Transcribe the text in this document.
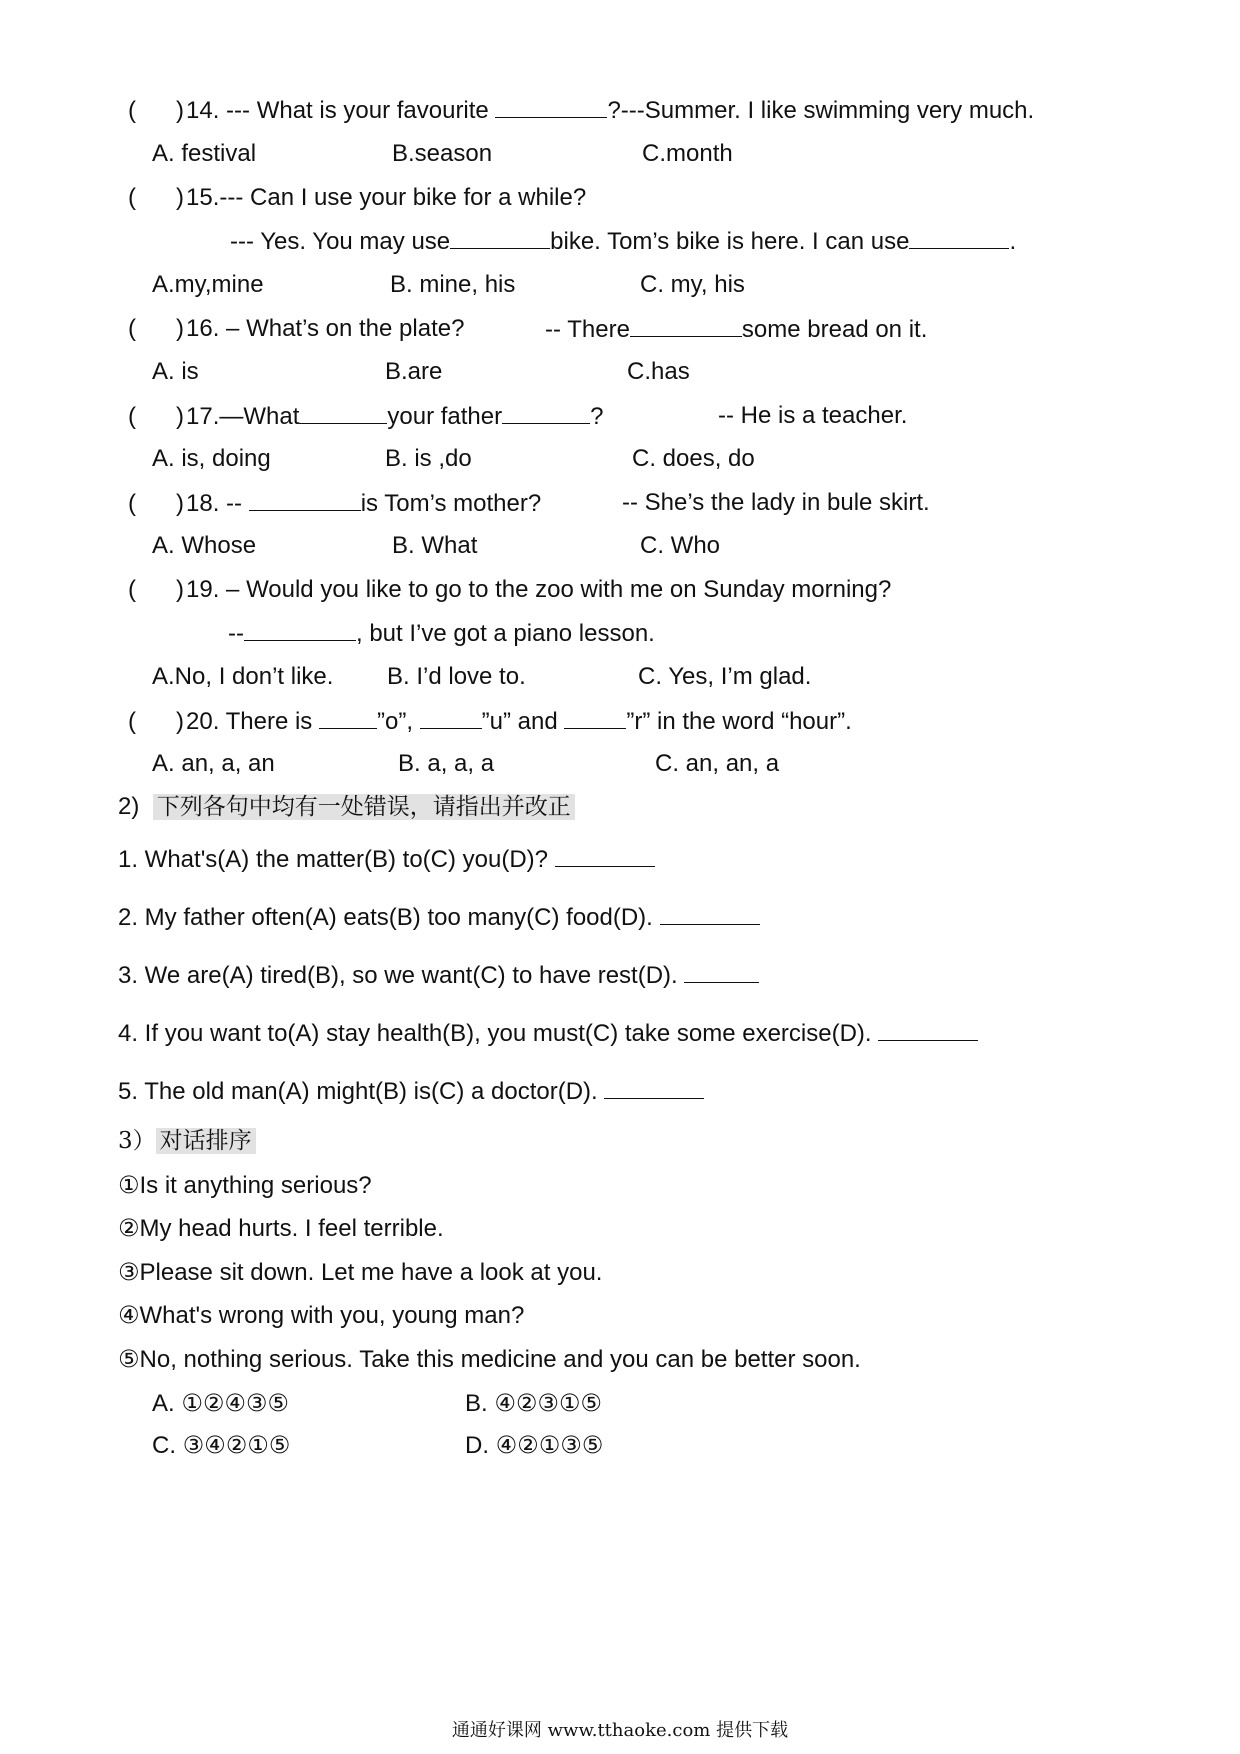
(      )14. --- What is your favourite	?---Summer. I like swimming very much.
A. festival	B.season	C.month
(      )15.--- Can I use your bike for a while?
--- Yes. You may use	bike. Tom’s bike is here. I can use	.
A.my,mine	B. mine, his	C. my, his
(      )16. – What’s on the plate?	-- There	some bread on it.
A. is	B.are	C.has
(      )17.—What	your father	?	-- He is a teacher.
A. is, doing	B. is ,do	C. does, do
(      )18. --	is Tom’s mother?	-- She’s the lady in bule skirt.
A. Whose	B. What	C. Who
(      )19. – Would you like to go to the zoo with me on Sunday morning?
--	, but I’ve got a piano lesson.
A.No, I don’t like. B. I’d love to.	C. Yes, I’m glad.
(      )20. There is ”o”,	”u” and	”r” in the word “hour”.
A. an, a, an	B. a, a, a	C. an, an, a
2) 下列各句中均有一处错误，请指出并改正
1. What's(A) the matter(B) to(C) you(D)?
2. My father often(A) eats(B) too many(C) food(D).
3. We are(A) tired(B), so we want(C) to have rest(D).
4. If you want to(A) stay health(B), you must(C) take some exercise(D).
5. The old man(A) might(B) is(C) a doctor(D).
3） 对话排序
①Is it anything serious?
②My head hurts. I feel terrible.
③Please sit down. Let me have a look at you.
④What's wrong with you, young man?
⑤No, nothing serious. Take this medicine and you can be better soon.
A. ①②④③⑤	B. ④②③①⑤
C. ③④②①⑤	D. ④②①③⑤
通通好课网 www.tthaoke.com 提供下载
